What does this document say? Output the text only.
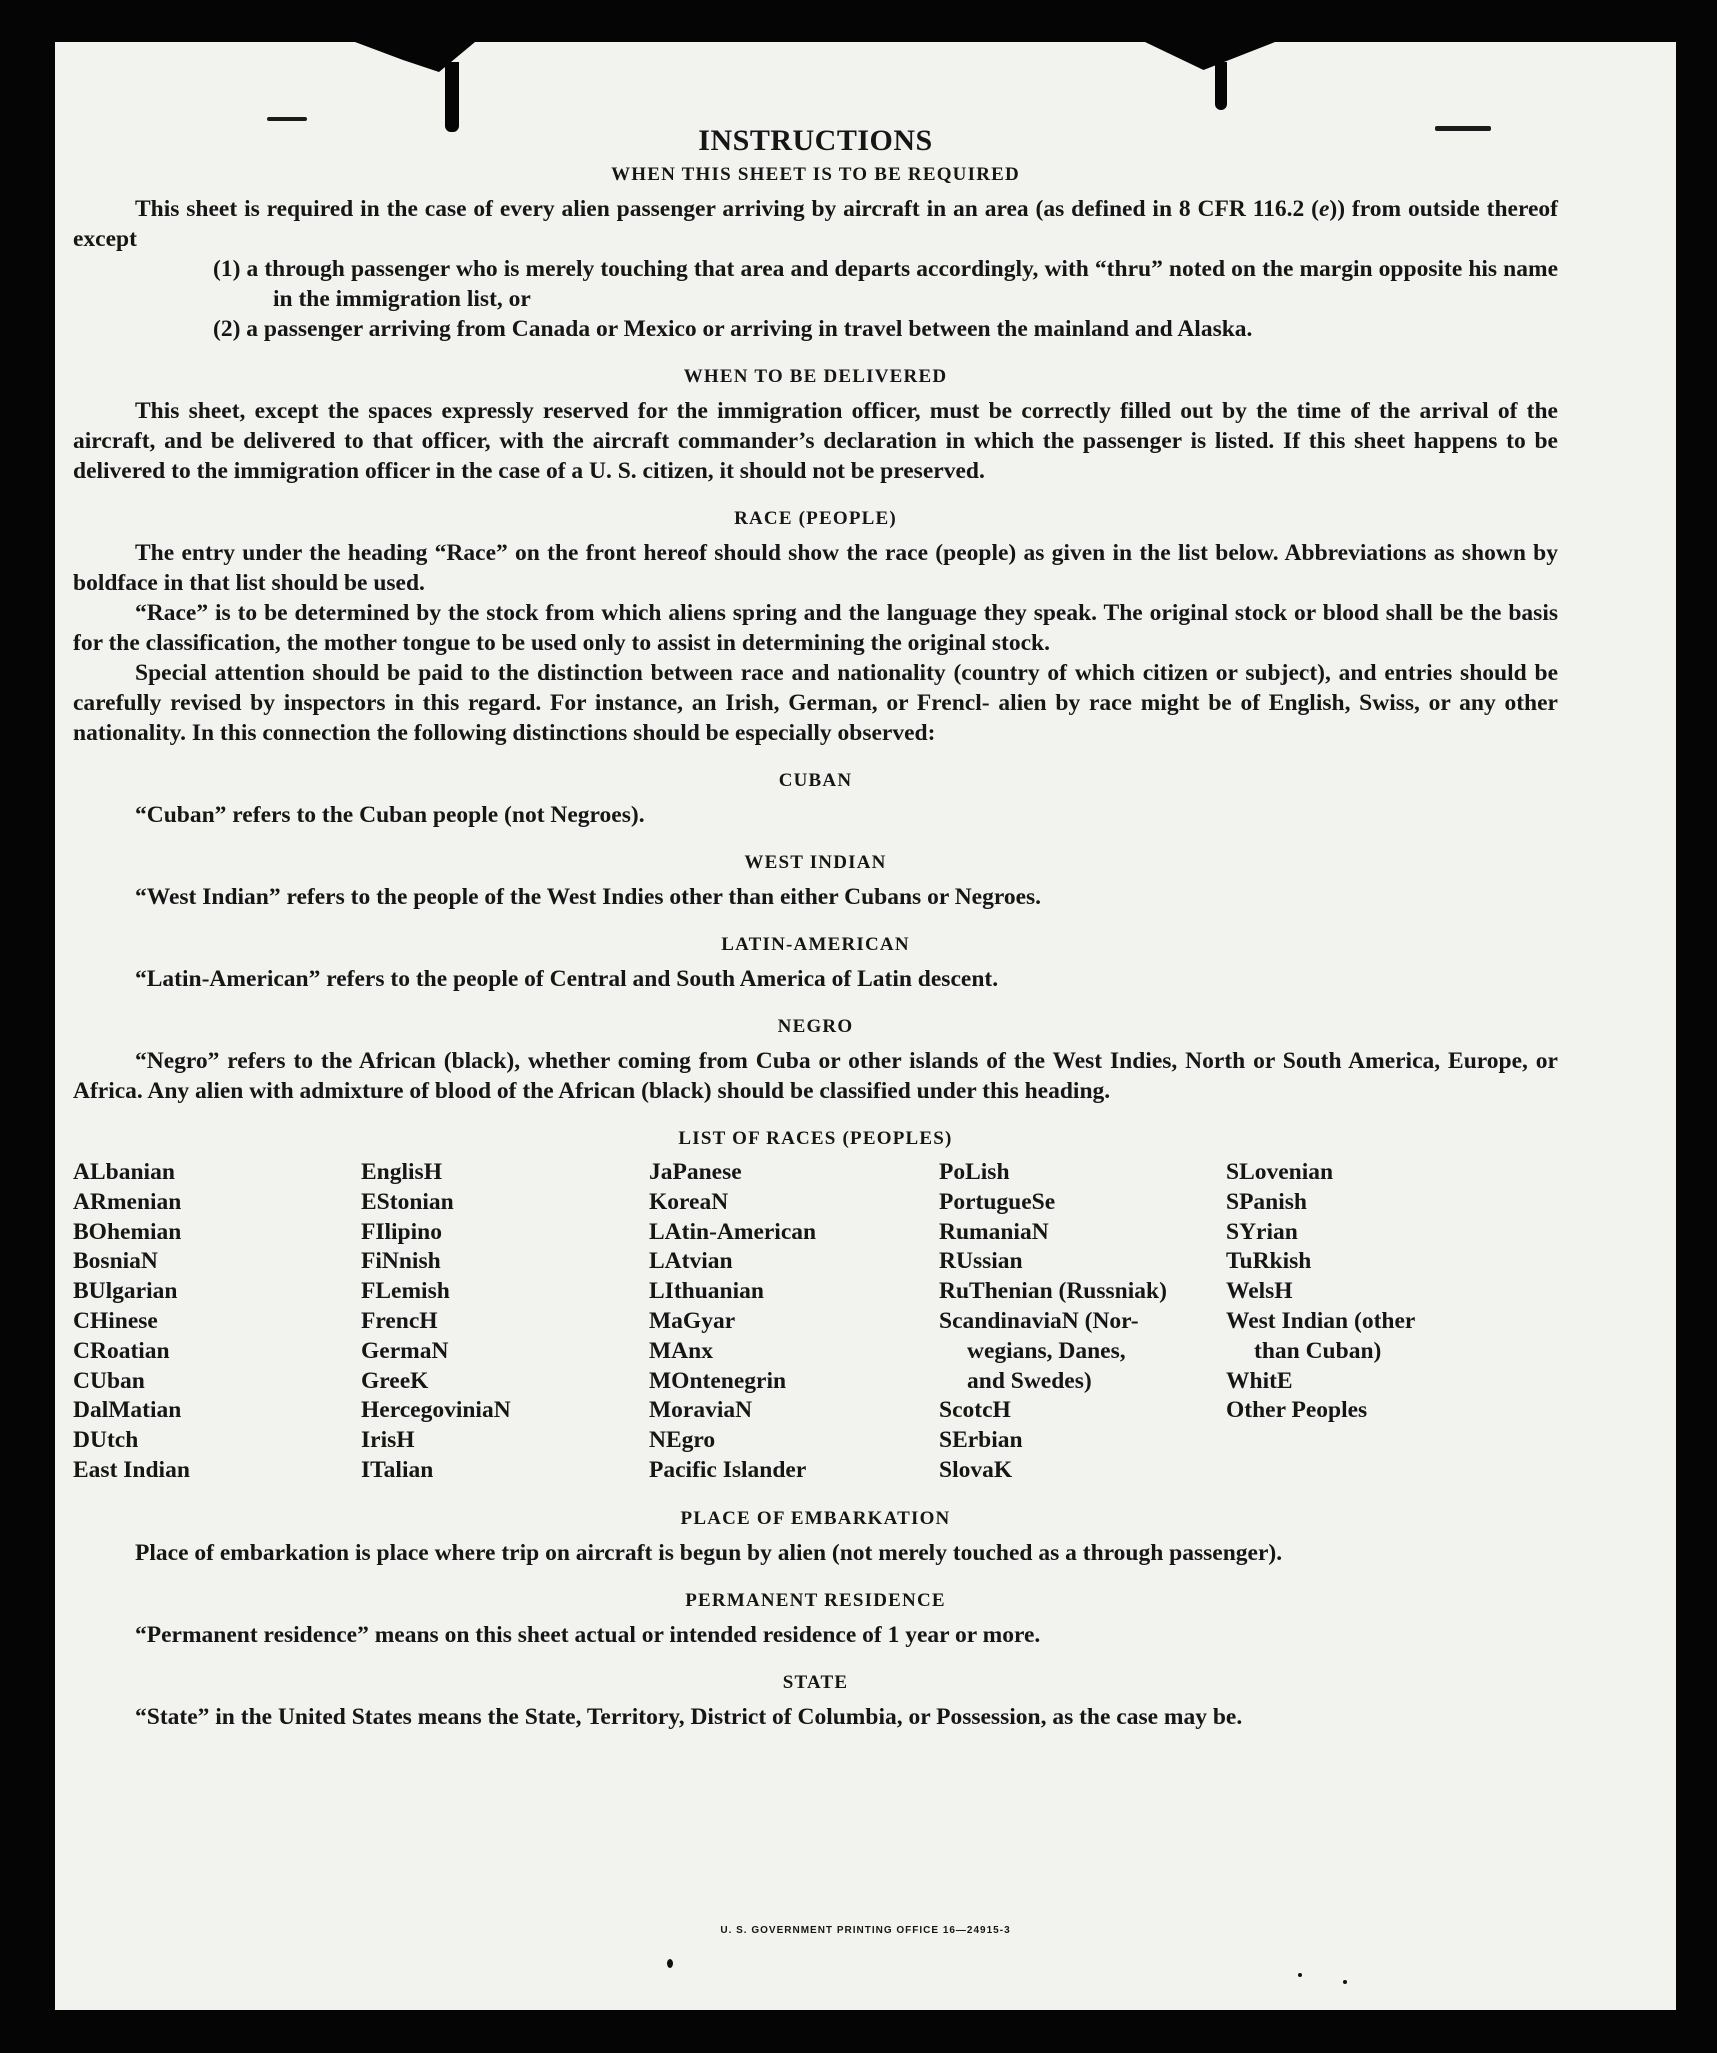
INSTRUCTIONS
WHEN THIS SHEET IS TO BE REQUIRED

This sheet is required in the case of every alien passenger arriving by aircraft in an area (as defined in 8 CFR 116.2 (e)) from outside thereof except

(1) a through passenger who is merely touching that area and departs accordingly, with “thru” noted on the margin opposite his name in the immigration list, or

(2) a passenger arriving from Canada or Mexico or arriving in travel between the mainland and Alaska.

WHEN TO BE DELIVERED

This sheet, except the spaces expressly reserved for the immigration officer, must be correctly filled out by the time of the arrival of the aircraft, and be delivered to that officer, with the aircraft commander’s declaration in which the passenger is listed. If this sheet happens to be delivered to the immigration officer in the case of a U. S. citizen, it should not be preserved.

RACE (PEOPLE)

The entry under the heading “Race” on the front hereof should show the race (people) as given in the list below. Abbreviations as shown by boldface in that list should be used.

“Race” is to be determined by the stock from which aliens spring and the language they speak. The original stock or blood shall be the basis for the classification, the mother tongue to be used only to assist in determining the original stock.

Special attention should be paid to the distinction between race and nationality (country of which citizen or subject), and entries should be carefully revised by inspectors in this regard. For instance, an Irish, German, or Frencl‑ alien by race might be of English, Swiss, or any other nationality. In this connection the following distinctions should be especially observed:

CUBAN

“Cuban” refers to the Cuban people (not Negroes).

WEST INDIAN

“West Indian” refers to the people of the West Indies other than either Cubans or Negroes.

LATIN-AMERICAN

“Latin-American” refers to the people of Central and South America of Latin descent.

NEGRO

“Negro” refers to the African (black), whether coming from Cuba or other islands of the West Indies, North or South America, Europe, or Africa. Any alien with admixture of blood of the African (black) should be classified under this heading.

LIST OF RACES (PEOPLES)
ALbanian
ARmenian
BOhemian
BosniaN
BUlgarian
CHinese
CRoatian
CUban
DalMatian
DUtch
East Indian
EnglisH
EStonian
FIlipino
FiNnish
FLemish
FrencH
GermaN
GreeK
HercegoviniaN
IrisH
ITalian
JaPanese
KoreaN
LAtin-American
LAtvian
LIthuanian
MaGyar
MAnx
MOntenegrin
MoraviaN
NEgro
Pacific Islander
PoLish
PortugueSe
RumaniaN
RUssian
RuThenian (Russniak)
ScandinaviaN (Nor-
wegians, Danes,
and Swedes)
ScotcH
SErbian
SlovaK
SLovenian
SPanish
SYrian
TuRkish
WelsH
West Indian (other
than Cuban)
WhitE
Other Peoples
PLACE OF EMBARKATION

Place of embarkation is place where trip on aircraft is begun by alien (not merely touched as a through passenger).

PERMANENT RESIDENCE

“Permanent residence” means on this sheet actual or intended residence of 1 year or more.

STATE

“State” in the United States means the State, Territory, District of Columbia, or Possession, as the case may be.

U. S. GOVERNMENT PRINTING OFFICE 16—24915-3
